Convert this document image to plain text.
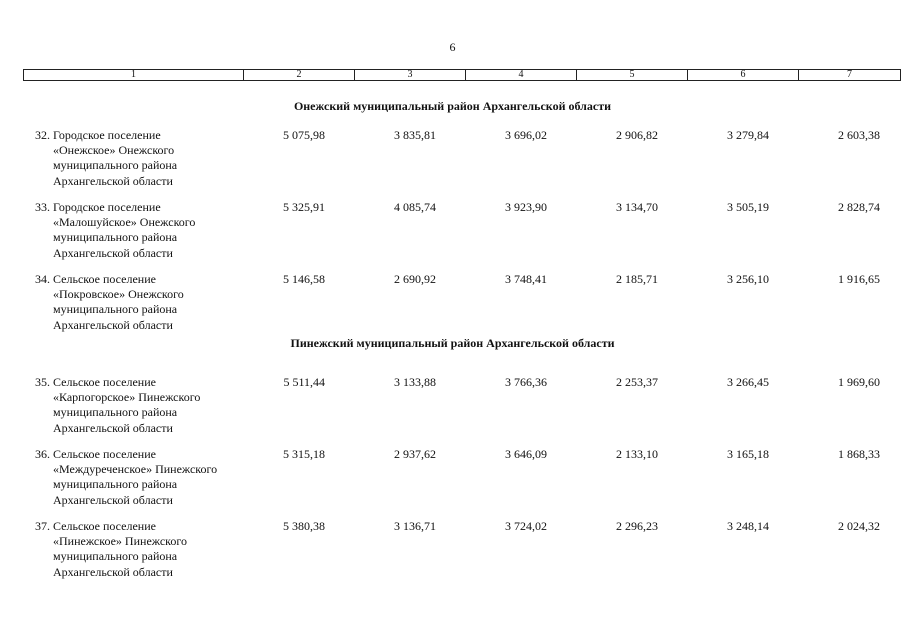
6
1	2	3	4	5	6	7
Онежский муниципальный район Архангельской области
32. Городское поселение
«Онежское» Онежского
муниципального района
Архангельской области
5 075,98	3 835,81	3 696,02	2 906,82	3 279,84	2 603,38
33. Городское поселение
«Малошуйское» Онежского
муниципального района
Архангельской области
5 325,91	4 085,74	3 923,90	3 134,70	3 505,19	2 828,74
34. Сельское поселение
«Покровское» Онежского
муниципального района
Архангельской области
5 146,58	2 690,92	3 748,41	2 185,71	3 256,10	1 916,65
Пинежский муниципальный район Архангельской области
35. Сельское поселение
«Карпогорское» Пинежского
муниципального района
Архангельской области
5 511,44	3 133,88	3 766,36	2 253,37	3 266,45	1 969,60
36. Сельское поселение
«Междуреченское» Пинежского
муниципального района
Архангельской области
5 315,18	2 937,62	3 646,09	2 133,10	3 165,18	1 868,33
37. Сельское поселение
«Пинежское» Пинежского
муниципального района
Архангельской области
5 380,38	3 136,71	3 724,02	2 296,23	3 248,14	2 024,32
